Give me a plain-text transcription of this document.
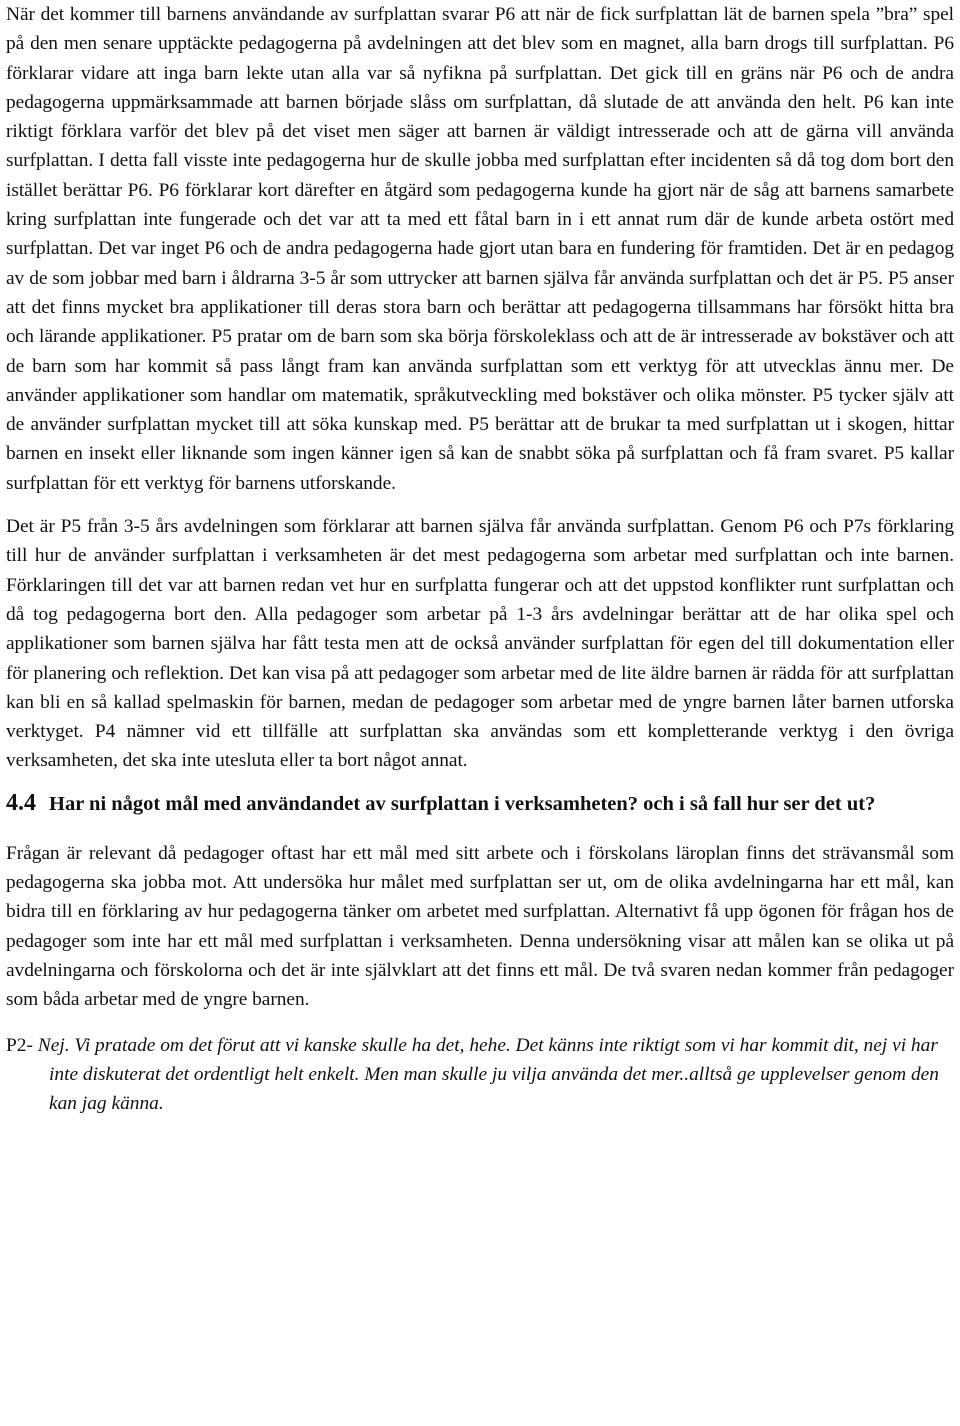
När det kommer till barnens användande av surfplattan svarar P6 att när de fick surfplattan lät de barnen spela ”bra” spel på den men senare upptäckte pedagogerna på avdelningen att det blev som en magnet, alla barn drogs till surfplattan. P6 förklarar vidare att inga barn lekte utan alla var så nyfikna på surfplattan. Det gick till en gräns när P6 och de andra pedagogerna uppmärksammade att barnen började slåss om surfplattan, då slutade de att använda den helt. P6 kan inte riktigt förklara varför det blev på det viset men säger att barnen är väldigt intresserade och att de gärna vill använda surfplattan. I detta fall visste inte pedagogerna hur de skulle jobba med surfplattan efter incidenten så då tog dom bort den istället berättar P6. P6 förklarar kort därefter en åtgärd som pedagogerna kunde ha gjort när de såg att barnens samarbete kring surfplattan inte fungerade och det var att ta med ett fåtal barn in i ett annat rum där de kunde arbeta ostört med surfplattan. Det var inget P6 och de andra pedagogerna hade gjort utan bara en fundering för framtiden. Det är en pedagog av de som jobbar med barn i åldrarna 3-5 år som uttrycker att barnen själva får använda surfplattan och det är P5. P5 anser att det finns mycket bra applikationer till deras stora barn och berättar att pedagogerna tillsammans har försökt hitta bra och lärande applikationer. P5 pratar om de barn som ska börja förskoleklass och att de är intresserade av bokstäver och att de barn som har kommit så pass långt fram kan använda surfplattan som ett verktyg för att utvecklas ännu mer. De använder applikationer som handlar om matematik, språkutveckling med bokstäver och olika mönster. P5 tycker själv att de använder surfplattan mycket till att söka kunskap med. P5 berättar att de brukar ta med surfplattan ut i skogen, hittar barnen en insekt eller liknande som ingen känner igen så kan de snabbt söka på surfplattan och få fram svaret. P5 kallar surfplattan för ett verktyg för barnens utforskande.

Det är P5 från 3-5 års avdelningen som förklarar att barnen själva får använda surfplattan. Genom P6 och P7s förklaring till hur de använder surfplattan i verksamheten är det mest pedagogerna som arbetar med surfplattan och inte barnen. Förklaringen till det var att barnen redan vet hur en surfplatta fungerar och att det uppstod konflikter runt surfplattan och då tog pedagogerna bort den. Alla pedagoger som arbetar på 1-3 års avdelningar berättar att de har olika spel och applikationer som barnen själva har fått testa men att de också använder surfplattan för egen del till dokumentation eller för planering och reflektion. Det kan visa på att pedagoger som arbetar med de lite äldre barnen är rädda för att surfplattan kan bli en så kallad spelmaskin för barnen, medan de pedagoger som arbetar med de yngre barnen låter barnen utforska verktyget. P4 nämner vid ett tillfälle att surfplattan ska användas som ett kompletterande verktyg i den övriga verksamheten, det ska inte utesluta eller ta bort något annat.

4.4 Har ni något mål med användandet av surfplattan i verksamheten? och i så fall hur ser det ut?

Frågan är relevant då pedagoger oftast har ett mål med sitt arbete och i förskolans läroplan finns det strävansmål som pedagogerna ska jobba mot. Att undersöka hur målet med surfplattan ser ut, om de olika avdelningarna har ett mål, kan bidra till en förklaring av hur pedagogerna tänker om arbetet med surfplattan. Alternativt få upp ögonen för frågan hos de pedagoger som inte har ett mål med surfplattan i verksamheten. Denna undersökning visar att målen kan se olika ut på avdelningarna och förskolorna och det är inte självklart att det finns ett mål. De två svaren nedan kommer från pedagoger som båda arbetar med de yngre barnen.

P2- Nej. Vi pratade om det förut att vi kanske skulle ha det, hehe. Det känns inte riktigt som vi har kommit dit, nej vi har inte diskuterat det ordentligt helt enkelt. Men man skulle ju vilja använda det mer..alltså ge upplevelser genom den kan jag känna.
